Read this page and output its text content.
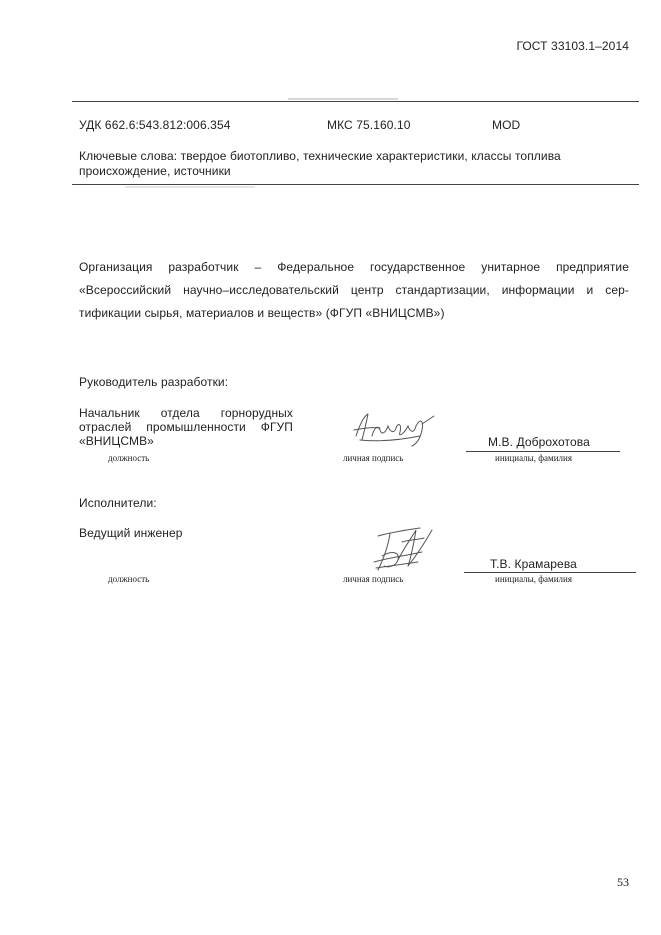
ГОСТ 33103.1–2014
УДК 662.6:543.812:006.354	МКС 75.160.10	MOD
Ключевые слова: твердое биотопливо, технические характеристики, классы топлива
происхождение, источники
Организация разработчик – Федеральное государственное унитарное предприятие
«Всероссийский научно–исследовательский центр стандартизации, информации и сер-
тификации сырья, материалов и веществ» (ФГУП «ВНИЦСМВ»)
Руководитель разработки:
Начальник отдела горнорудных
отраслей промышленности ФГУП
«ВНИЦСМВ»	М.В. Доброхотова
должность	личная подпись	инициалы, фамилия
Исполнители:
Ведущий инженер
Т.В. Крамарева
должность	личная подпись	инициалы, фамилия
53
